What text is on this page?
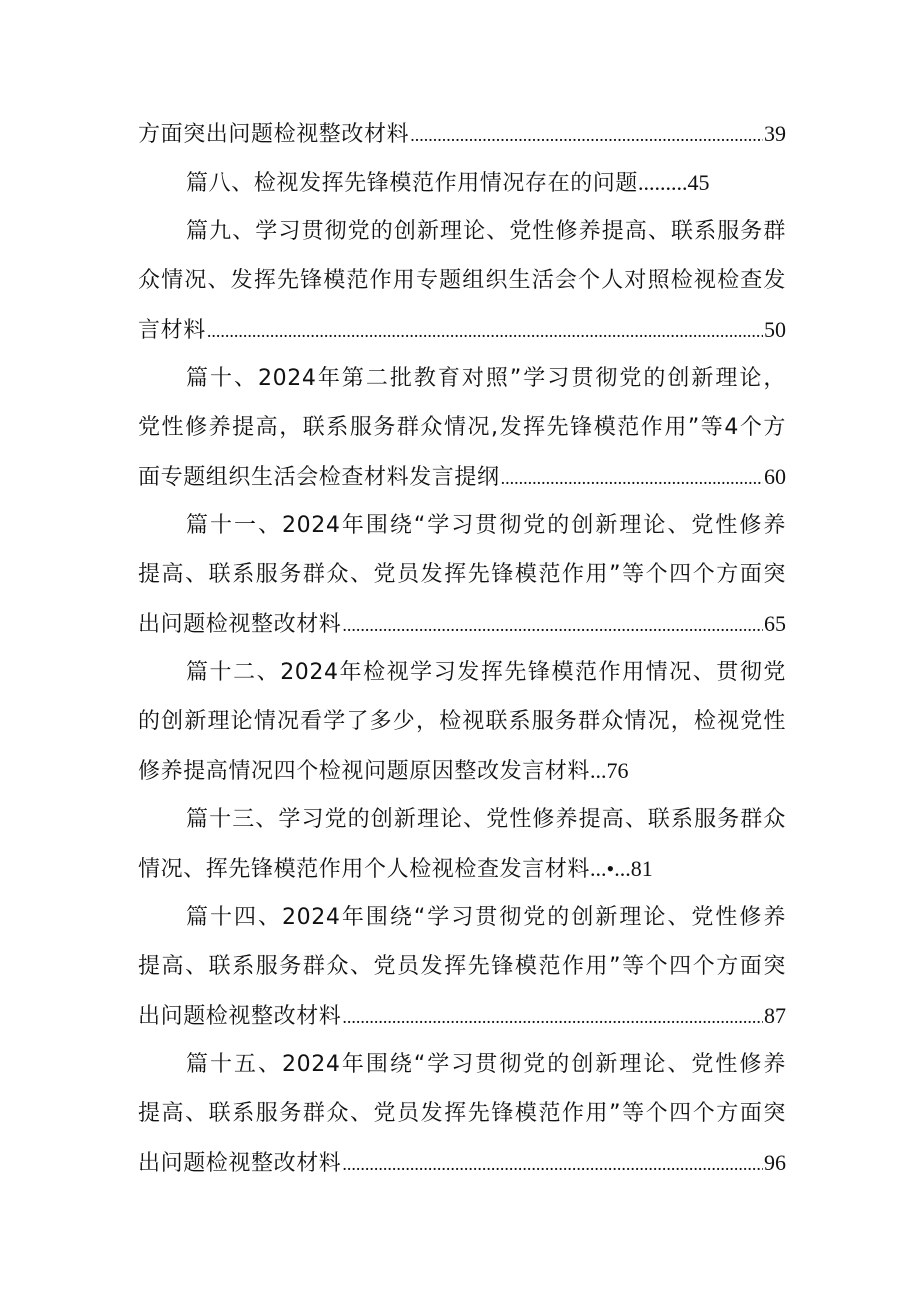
方面突出问题检视整改材料 .....	39
篇八、检视发挥先锋模范作用情况存在的问题 ......... 45
篇九、学习贯彻党的创新理论、党性修养提高、联系服务群
众情况、发挥先锋模范作用专题组织生活会个人对照检视检查发
言材料 .....	50
篇十、2024年第二批教育对照”学习贯彻党的创新理论，
党性修养提高，联系服务群众情况,发挥先锋模范作用”等4个方
面专题组织生活会检查材料发言提纲 .....	60
篇十一、2024年围绕“学习贯彻党的创新理论、党性修养
提高、联系服务群众、党员发挥先锋模范作用”等个四个方面突
出问题检视整改材料 .....	65
篇十二、2024年检视学习发挥先锋模范作用情况、贯彻党
的创新理论情况看学了多少，检视联系服务群众情况，检视党性
修养提高情况四个检视问题原因整改发言材料 ... 76
篇十三、学习党的创新理论、党性修养提高、联系服务群众
情况、挥先锋模范作用个人检视检查发言材料 ...•... 81
篇十四、2024年围绕“学习贯彻党的创新理论、党性修养
提高、联系服务群众、党员发挥先锋模范作用”等个四个方面突
出问题检视整改材料 .....	87
篇十五、2024年围绕“学习贯彻党的创新理论、党性修养
提高、联系服务群众、党员发挥先锋模范作用”等个四个方面突
出问题检视整改材料 .....	96
